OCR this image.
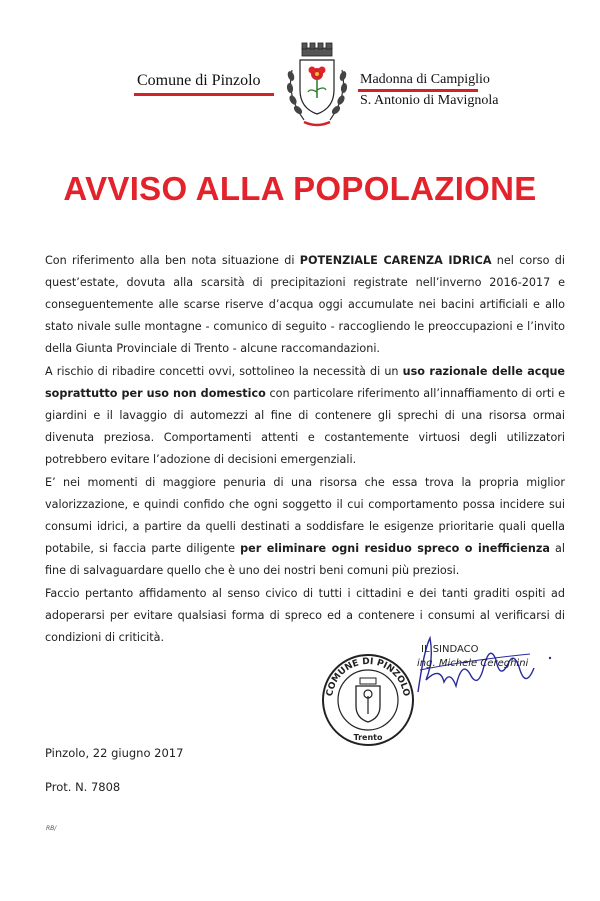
Comune di Pinzolo	Madonna di Campiglio
S. Antonio di Mavignola
AVVISO ALLA POPOLAZIONE

Con riferimento alla ben nota situazione di POTENZIALE CARENZA IDRICA nel corso di quest’estate, dovuta alla scarsità di precipitazioni registrate nell’inverno 2016-2017 e conseguentemente alle scarse riserve d’acqua oggi accumulate nei bacini artificiali e allo stato nivale sulle montagne - comunico di seguito - raccogliendo le preoccupazioni e l’invito della Giunta Provinciale di Trento - alcune raccomandazioni.

A rischio di ribadire concetti ovvi, sottolineo la necessità di un uso razionale delle acque soprattutto per uso non domestico con particolare riferimento all’innaffiamento di orti e giardini e il lavaggio di automezzi al fine di contenere gli sprechi di una risorsa ormai divenuta preziosa. Comportamenti attenti e costantemente virtuosi degli utilizzatori potrebbero evitare l’adozione di decisioni emergenziali.

E’ nei momenti di maggiore penuria di una risorsa che essa trova la propria miglior valorizzazione, e quindi confido che ogni soggetto il cui comportamento possa incidere sui consumi idrici, a partire da quelli destinati a soddisfare le esigenze prioritarie quali quella potabile, si faccia parte diligente per eliminare ogni residuo spreco o inefficienza al fine di salvaguardare quello che è uno dei nostri beni comuni più preziosi.

Faccio pertanto affidamento al senso civico di tutti i cittadini e dei tanti graditi ospiti ad adoperarsi per evitare qualsiasi forma di spreco ed a contenere i consumi al verificarsi di condizioni di criticità.

COMUNE DI PINZOLO
Trento
IL SINDACO
ing. Michele Cereghini
Pinzolo, 22 giugno 2017
Prot. N. 7808
RB/
